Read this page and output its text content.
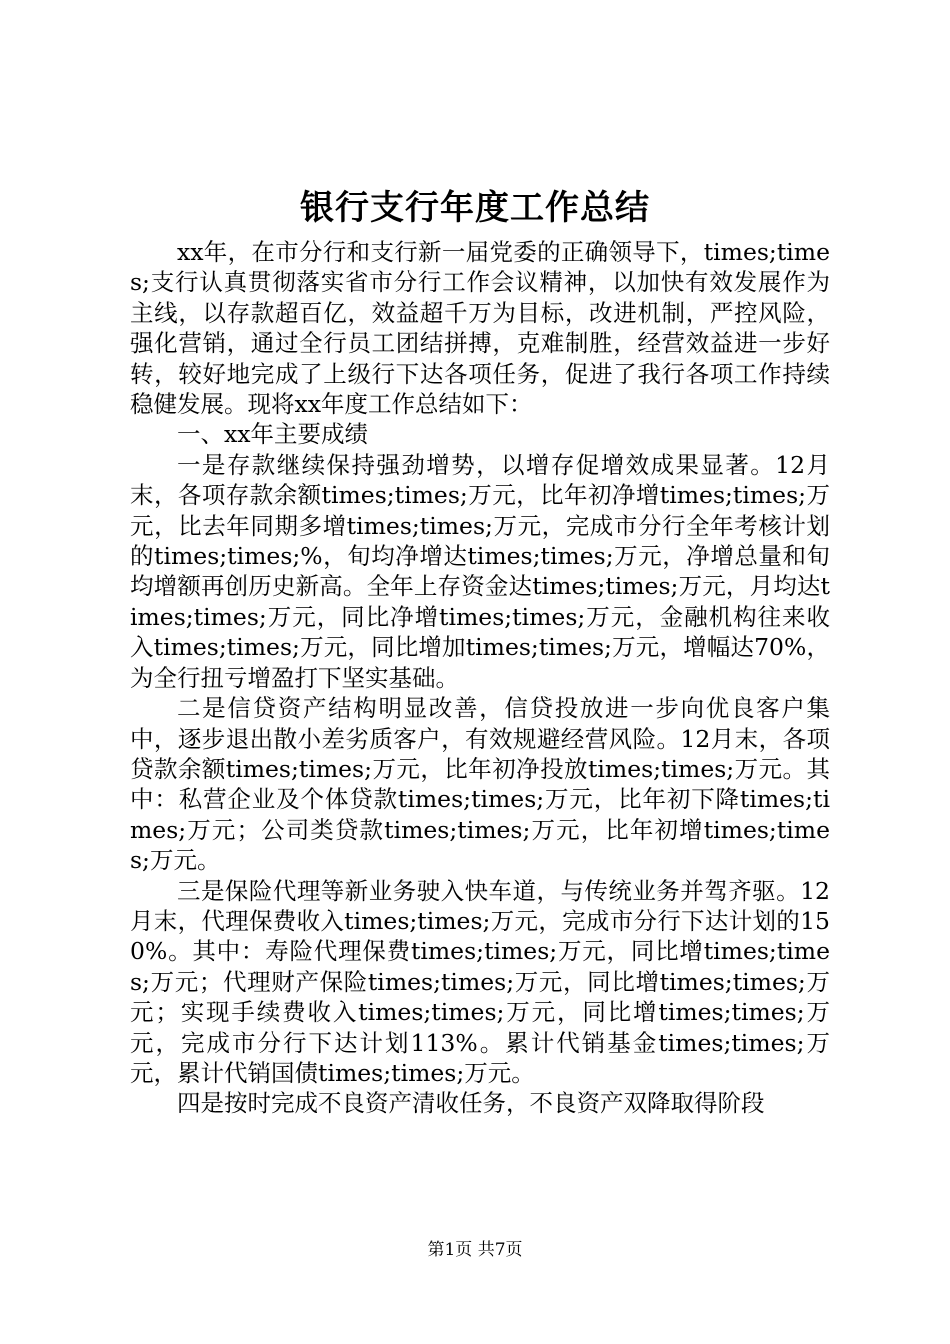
银行支行年度工作总结

xx年，在市分行和支行新一届党委的正确领导下，times;times;支行认真贯彻落实省市分行工作会议精神，以加快有效发展作为主线，以存款超百亿，效益超千万为目标，改进机制，严控风险，强化营销，通过全行员工团结拼搏，克难制胜，经营效益进一步好转，较好地完成了上级行下达各项任务，促进了我行各项工作持续稳健发展。现将xx年度工作总结如下：

一、xx年主要成绩

一是存款继续保持强劲增势，以增存促增效成果显著。12月末，各项存款余额times;times;万元，比年初净增times;times;万元，比去年同期多增times;times;万元，完成市分行全年考核计划的times;times;%，旬均净增达times;times;万元，净增总量和旬均增额再创历史新高。全年上存资金达times;times;万元，月均达times;times;万元，同比净增times;times;万元，金融机构往来收入times;times;万元，同比增加times;times;万元，增幅达70%，为全行扭亏增盈打下坚实基础。

二是信贷资产结构明显改善，信贷投放进一步向优良客户集中，逐步退出散小差劣质客户，有效规避经营风险。12月末，各项贷款余额times;times;万元，比年初净投放times;times;万元。其中：私营企业及个体贷款times;times;万元，比年初下降times;times;万元；公司类贷款times;times;万元，比年初增times;times;万元。

三是保险代理等新业务驶入快车道，与传统业务并驾齐驱。12月末，代理保费收入times;times;万元，完成市分行下达计划的150%。其中：寿险代理保费times;times;万元，同比增times;times;万元；代理财产保险times;times;万元，同比增times;times;万元；实现手续费收入times;times;万元，同比增times;times;万元，完成市分行下达计划113%。累计代销基金times;times;万元，累计代销国债times;times;万元。

四是按时完成不良资产清收任务，不良资产双降取得阶段

第1页 共7页
